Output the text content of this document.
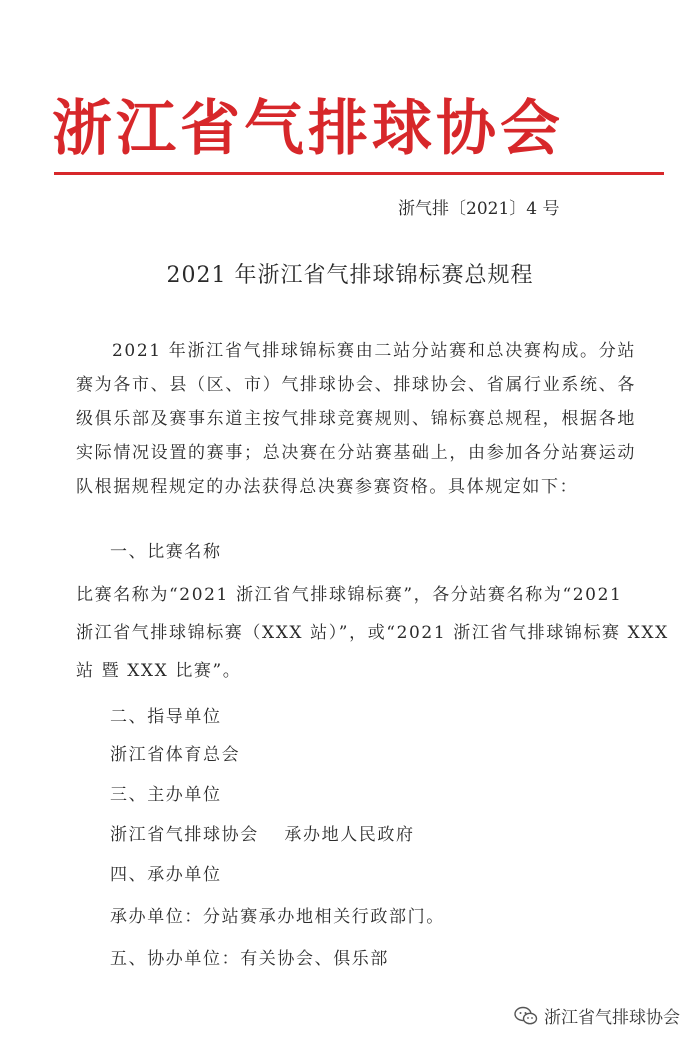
浙江省气排球协会
浙气排〔2021〕4 号
2021 年浙江省气排球锦标赛总规程
2021 年浙江省气排球锦标赛由二站分站赛和总决赛构成。分站赛为各市、县（区、市）气排球协会、排球协会、省属行业系统、各级俱乐部及赛事东道主按气排球竞赛规则、锦标赛总规程，根据各地实际情况设置的赛事；总决赛在分站赛基础上，由参加各分站赛运动队根据规程规定的办法获得总决赛参赛资格。具体规定如下：
一、比赛名称
比赛名称为“2021 浙江省气排球锦标赛”，各分站赛名称为“2021
浙江省气排球锦标赛（XXX 站）”，或“2021 浙江省气排球锦标赛 XXX
站 暨 XXX 比赛”。
二、指导单位
浙江省体育总会
三、主办单位
浙江省气排球协会　 承办地人民政府
四、承办单位
承办单位：分站赛承办地相关行政部门。
五、协办单位：有关协会、俱乐部
浙江省气排球协会
